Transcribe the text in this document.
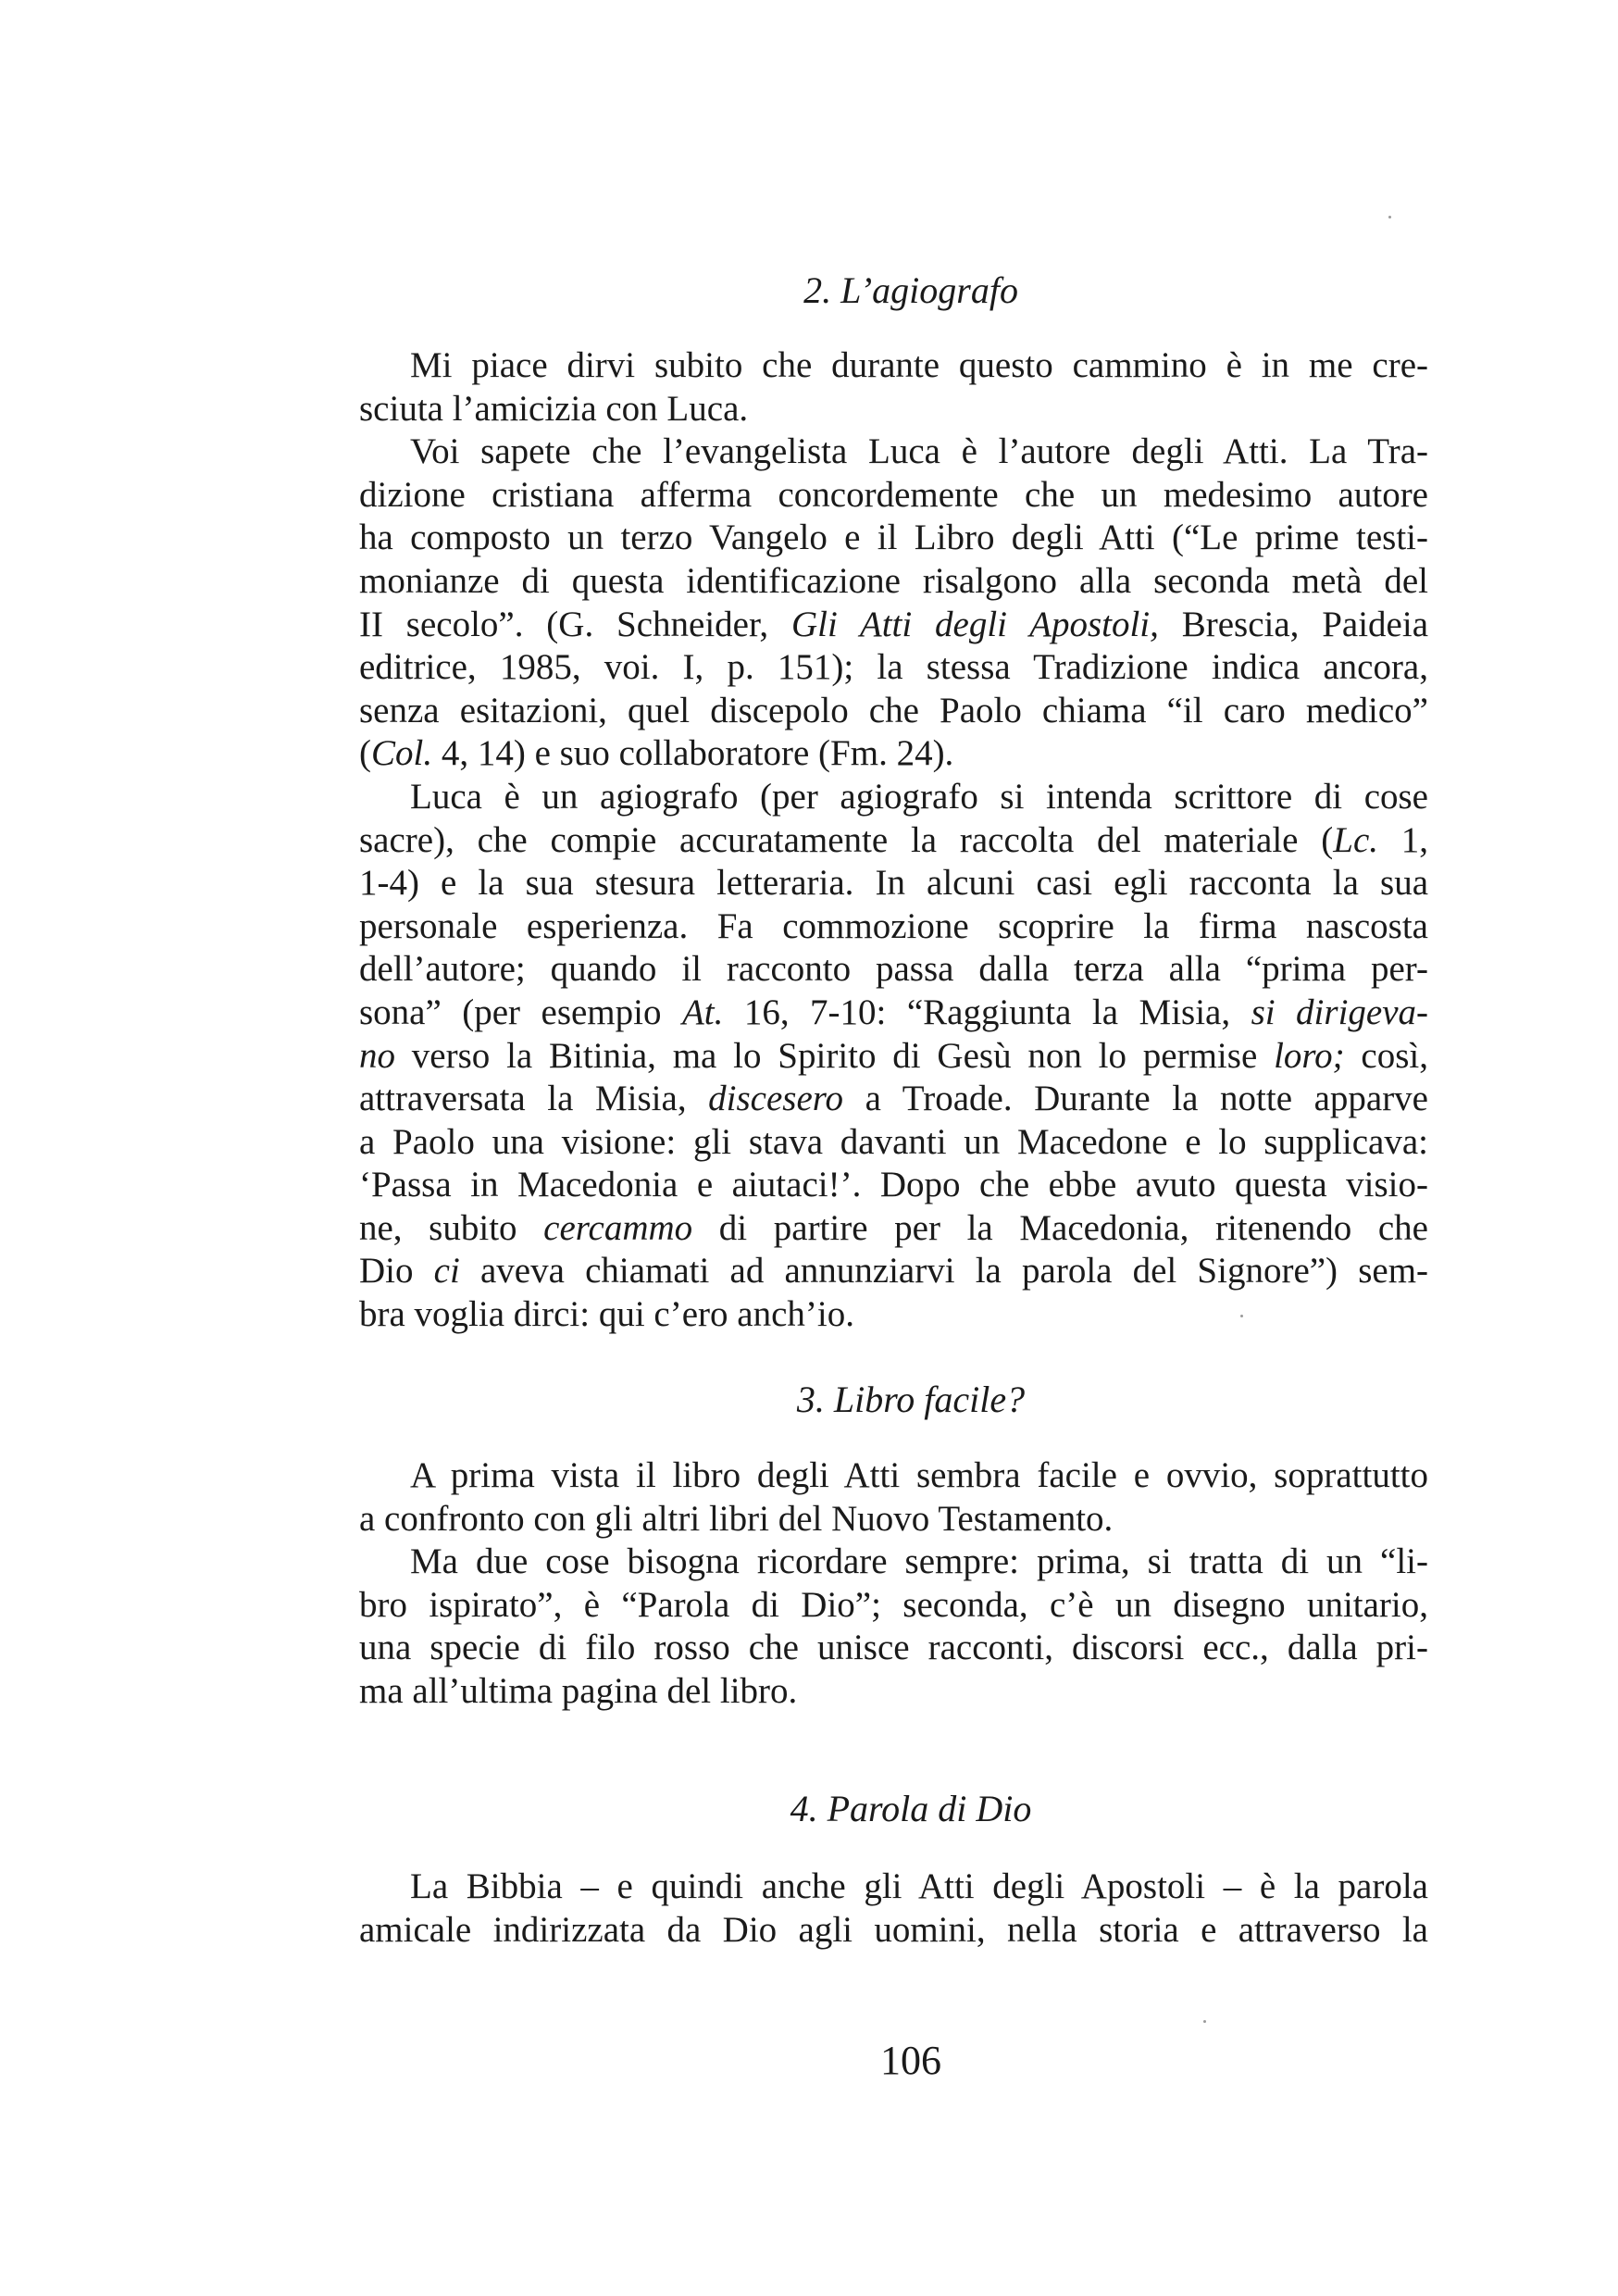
2. L’agiografo
Mi piace dirvi subito che durante questo cammino è in me cre-
sciuta l’amicizia con Luca.
Voi sapete che l’evangelista Luca è l’autore degli Atti. La Tra-
dizione cristiana afferma concordemente che un medesimo autore
ha composto un terzo Vangelo e il Libro degli Atti (“Le prime testi-
monianze di questa identificazione risalgono alla seconda metà del
II secolo”. (G. Schneider, Gli Atti degli Apostoli, Brescia, Paideia
editrice, 1985, voi. I, p. 151); la stessa Tradizione indica ancora,
senza esitazioni, quel discepolo che Paolo chiama “il caro medico”
(Col. 4, 14) e suo collaboratore (Fm. 24).
Luca è un agiografo (per agiografo si intenda scrittore di cose
sacre), che compie accuratamente la raccolta del materiale (Lc. 1,
1-4) e la sua stesura letteraria. In alcuni casi egli racconta la sua
personale esperienza. Fa commozione scoprire la firma nascosta
dell’autore; quando il racconto passa dalla terza alla “prima per-
sona” (per esempio At. 16, 7-10: “Raggiunta la Misia, si dirigeva-
no verso la Bitinia, ma lo Spirito di Gesù non lo permise loro; così,
attraversata la Misia, discesero a Troade. Durante la notte apparve
a Paolo una visione: gli stava davanti un Macedone e lo supplicava:
‘Passa in Macedonia e aiutaci!’. Dopo che ebbe avuto questa visio-
ne, subito cercammo di partire per la Macedonia, ritenendo che
Dio ci aveva chiamati ad annunziarvi la parola del Signore”) sem-
bra voglia dirci: qui c’ero anch’io.
3. Libro facile?
A prima vista il libro degli Atti sembra facile e ovvio, soprattutto
a confronto con gli altri libri del Nuovo Testamento.
Ma due cose bisogna ricordare sempre: prima, si tratta di un “li-
bro ispirato”, è “Parola di Dio”; seconda, c’è un disegno unitario,
una specie di filo rosso che unisce racconti, discorsi ecc., dalla pri-
ma all’ultima pagina del libro.
4. Parola di Dio
La Bibbia – e quindi anche gli Atti degli Apostoli – è la parola
amicale indirizzata da Dio agli uomini, nella storia e attraverso la
106
